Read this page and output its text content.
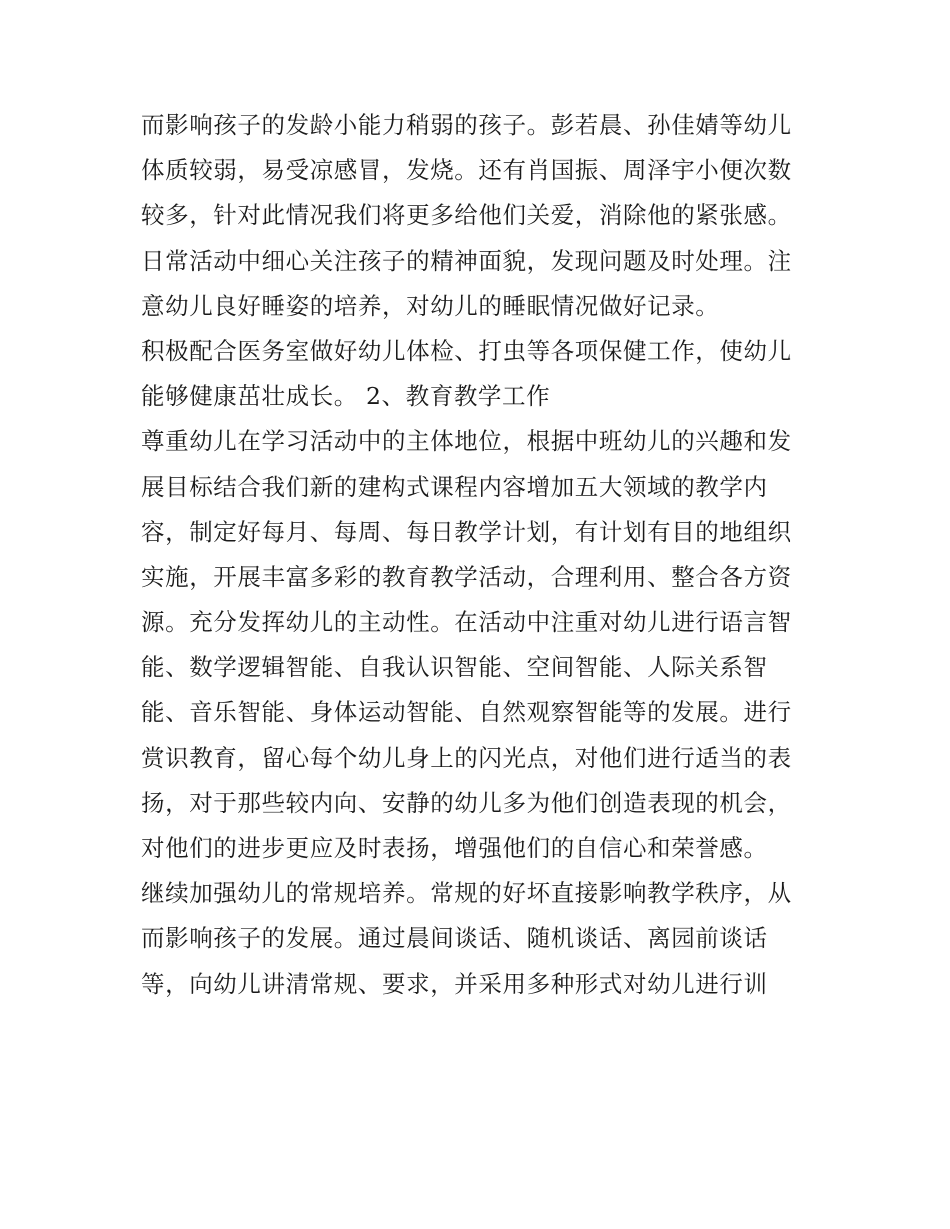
而影响孩子的发龄小能力稍弱的孩子。彭若晨、孙佳婧等幼儿
体质较弱，易受凉感冒，发烧。还有肖国振、周泽宇小便次数
较多，针对此情况我们将更多给他们关爱，消除他的紧张感。
日常活动中细心关注孩子的精神面貌，发现问题及时处理。注
意幼儿良好睡姿的培养，对幼儿的睡眠情况做好记录。
积极配合医务室做好幼儿体检、打虫等各项保健工作，使幼儿
能够健康茁壮成长。 2、教育教学工作
尊重幼儿在学习活动中的主体地位，根据中班幼儿的兴趣和发
展目标结合我们新的建构式课程内容增加五大领域的教学内
容，制定好每月、每周、每日教学计划，有计划有目的地组织
实施，开展丰富多彩的教育教学活动，合理利用、整合各方资
源。充分发挥幼儿的主动性。在活动中注重对幼儿进行语言智
能、数学逻辑智能、自我认识智能、空间智能、人际关系智
能、音乐智能、身体运动智能、自然观察智能等的发展。进行
赏识教育，留心每个幼儿身上的闪光点，对他们进行适当的表
扬，对于那些较内向、安静的幼儿多为他们创造表现的机会，
对他们的进步更应及时表扬，增强他们的自信心和荣誉感。
继续加强幼儿的常规培养。常规的好坏直接影响教学秩序，从
而影响孩子的发展。通过晨间谈话、随机谈话、离园前谈话
等，向幼儿讲清常规、要求，并采用多种形式对幼儿进行训
